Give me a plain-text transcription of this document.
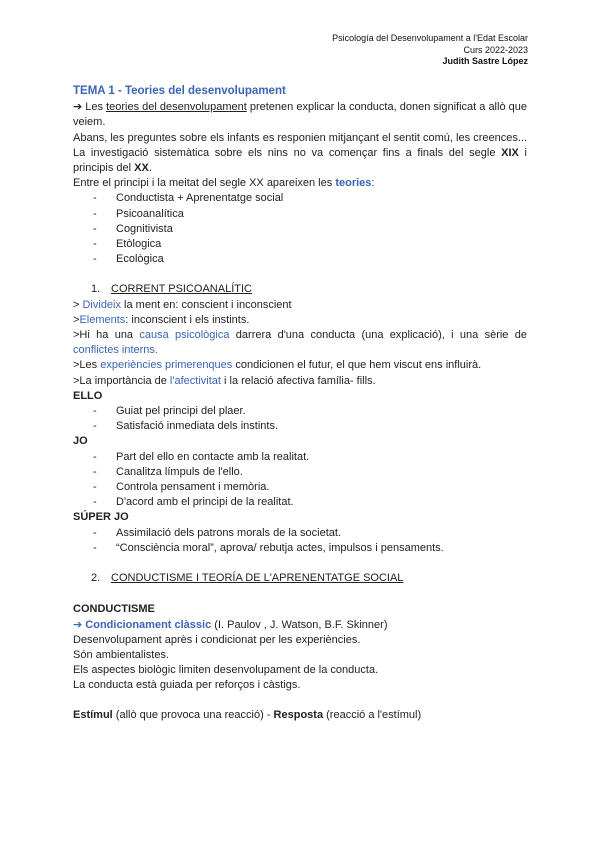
Psicología del Desenvolupament a l'Edat Escolar
Curs 2022-2023
Judith Sastre López
TEMA 1 - Teories del desenvolupament

➔ Les teories del desenvolupament pretenen explicar la conducta, donen significat a allò que veiem.

Abans, les preguntes sobre els infants es responien mitjançant el sentit comú, les creences... La investigació sistemàtica sobre els nins no va començar fins a finals del segle XIX i principis del XX.

Entre el principi i la meitat del segle XX apareixen les teories:

- Conductista + Aprenentatge social
- Psicoanalítica
- Cognitivista
- Etòlogica
- Ecològica

1. CORRENT PSICOANALÍTIC

> Divideix la ment en: conscient i inconscient

>Elements: inconscient i els instints.

>Hi ha una causa psicològica darrera d'una conducta (una explicació), i una sèrie de conflictes interns.

>Les experiències primerenques condicionen el futur, el que hem viscut ens influirà.

>La importància de l'afectivitat i la relació afectiva família- fills.

ELLO

- Guiat pel principi del plaer.
- Satisfació inmediata dels instints.

JO

- Part del ello en contacte amb la realitat.
- Canalitza límpuls de l'ello.
- Controla pensament i memòria.
- D'acord amb el principi de la realitat.

SÚPER JO

- Assimilació dels patrons morals de la societat.
- “Consciència moral”, aprova/ rebutja actes, impulsos i pensaments.

2. CONDUCTISME I TEORÍA DE L'APRENENTATGE SOCIAL

CONDUCTISME

➔ Condicionament clàssic (I. Paulov , J. Watson, B.F. Skinner)

Desenvolupament après i condicionat per les experiències.

Són ambientalistes.

Els aspectes biològic limiten desenvolupament de la conducta.

La conducta està guiada per reforços i càstigs.

Estímul (allò que provoca una reacció) - Resposta (reacció a l'estímul)
